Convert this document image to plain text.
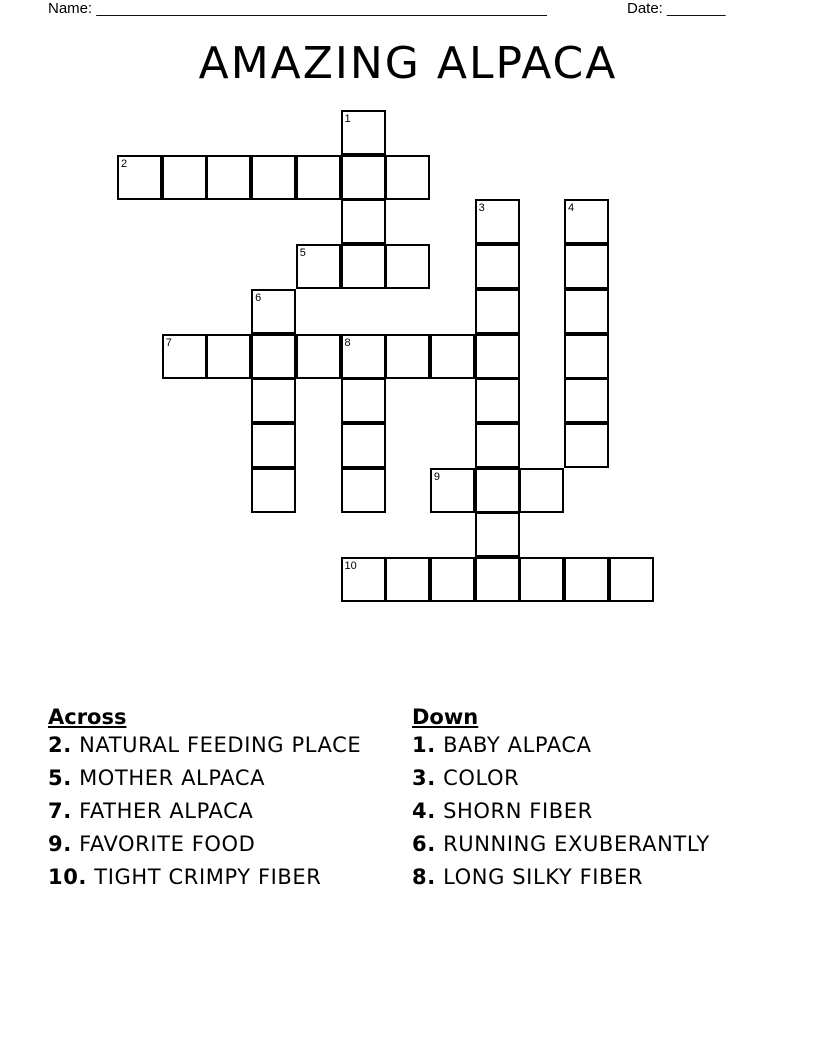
Name: ______________________________________________________	Date: _______
AMAZING ALPACA
1
2
3	4
5
6
7	8
9
10
Across
2. NATURAL FEEDING PLACE
5. MOTHER ALPACA
7. FATHER ALPACA
9. FAVORITE FOOD
10. TIGHT CRIMPY FIBER
Down
1. BABY ALPACA
3. COLOR
4. SHORN FIBER
6. RUNNING EXUBERANTLY
8. LONG SILKY FIBER
